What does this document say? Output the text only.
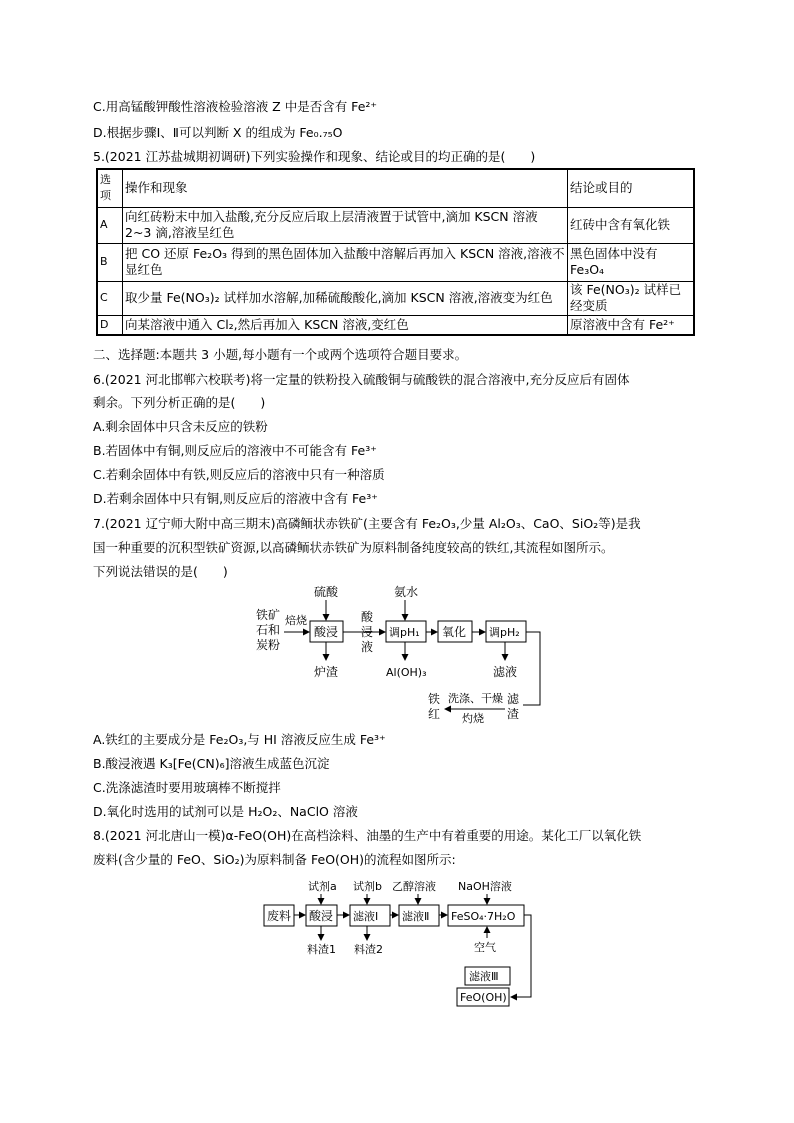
C.用高锰酸钾酸性溶液检验溶液 Z 中是否含有 Fe²⁺
D.根据步骤Ⅰ、Ⅱ可以判断 X 的组成为 Fe₀.₇₅O
5.(2021 江苏盐城期初调研)下列实验操作和现象、结论或目的均正确的是(　　)
选项	操作和现象	结论或目的
A	向红砖粉末中加入盐酸,充分反应后取上层清液置于试管中,滴加 KSCN 溶液 2~3 滴,溶液呈红色	红砖中含有氧化铁
B	把 CO 还原 Fe₂O₃ 得到的黑色固体加入盐酸中溶解后再加入 KSCN 溶液,溶液不显红色	黑色固体中没有 Fe₃O₄
C	取少量 Fe(NO₃)₂ 试样加水溶解,加稀硫酸酸化,滴加 KSCN 溶液,溶液变为红色	该 Fe(NO₃)₂ 试样已经变质
D	向某溶液中通入 Cl₂,然后再加入 KSCN 溶液,变红色	原溶液中含有 Fe²⁺
二、选择题:本题共 3 小题,每小题有一个或两个选项符合题目要求。
6.(2021 河北邯郸六校联考)将一定量的铁粉投入硫酸铜与硫酸铁的混合溶液中,充分反应后有固体
剩余。下列分析正确的是(　　)
A.剩余固体中只含未反应的铁粉
B.若固体中有铜,则反应后的溶液中不可能含有 Fe³⁺
C.若剩余固体中有铁,则反应后的溶液中只有一种溶质
D.若剩余固体中只有铜,则反应后的溶液中含有 Fe³⁺
7.(2021 辽宁师大附中高三期末)高磷鲕状赤铁矿(主要含有 Fe₂O₃,少量 Al₂O₃、CaO、SiO₂等)是我
国一种重要的沉积型铁矿资源,以高磷鲕状赤铁矿为原料制备纯度较高的铁红,其流程如图所示。
下列说法错误的是(　　)
铁矿
石和
炭粉
焙烧
硫酸
酸浸
炉渣
酸
浸
液
氨水
调pH₁
Al(OH)₃
氧化 调pH₂
滤液
滤
渣
洗涤、干燥
灼烧
铁
红
废料
试剂a
酸浸
料渣1
试剂b
滤液Ⅰ
料渣2
乙醇溶液
滤液Ⅱ
NaOH溶液
FeSO₄·7H₂O
空气
滤液Ⅲ
FeO(OH)
A.铁红的主要成分是 Fe₂O₃,与 HI 溶液反应生成 Fe³⁺
B.酸浸液遇 K₃[Fe(CN)₆]溶液生成蓝色沉淀
C.洗涤滤渣时要用玻璃棒不断搅拌
D.氧化时选用的试剂可以是 H₂O₂、NaClO 溶液
8.(2021 河北唐山一模)α-FeO(OH)在高档涂料、油墨的生产中有着重要的用途。某化工厂以氧化铁
废料(含少量的 FeO、SiO₂)为原料制备 FeO(OH)的流程如图所示:
